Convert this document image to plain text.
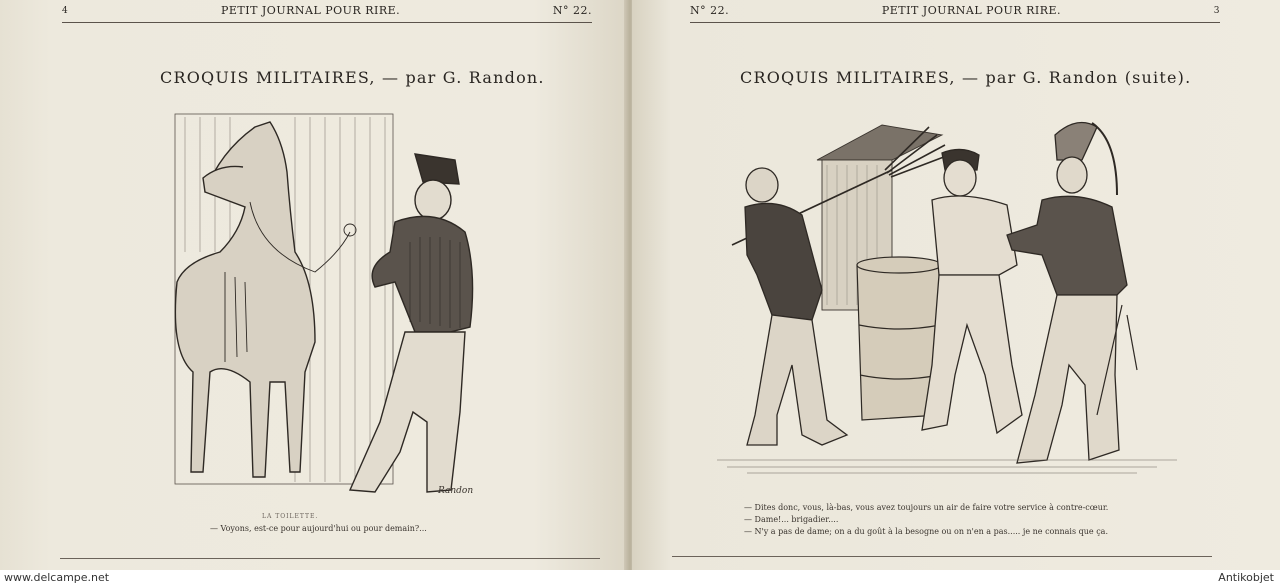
4	PETIT JOURNAL POUR RIRE.	N° 22.
CROQUIS MILITAIRES, — par G. Randon.
Randon
LA TOILETTE.
— Voyons, est-ce pour aujourd'hui ou pour demain?...
N° 22.	PETIT JOURNAL POUR RIRE.	3
CROQUIS MILITAIRES, — par G. Randon (suite).
— Dites donc, vous, là-bas, vous avez toujours un air de faire votre service à contre-cœur.
— Dame!... brigadier....
— N'y a pas de dame; on a du goût à la besogne ou on n'en a pas..... je ne connais que ça.
www.delcampe.net	Antikobjet
